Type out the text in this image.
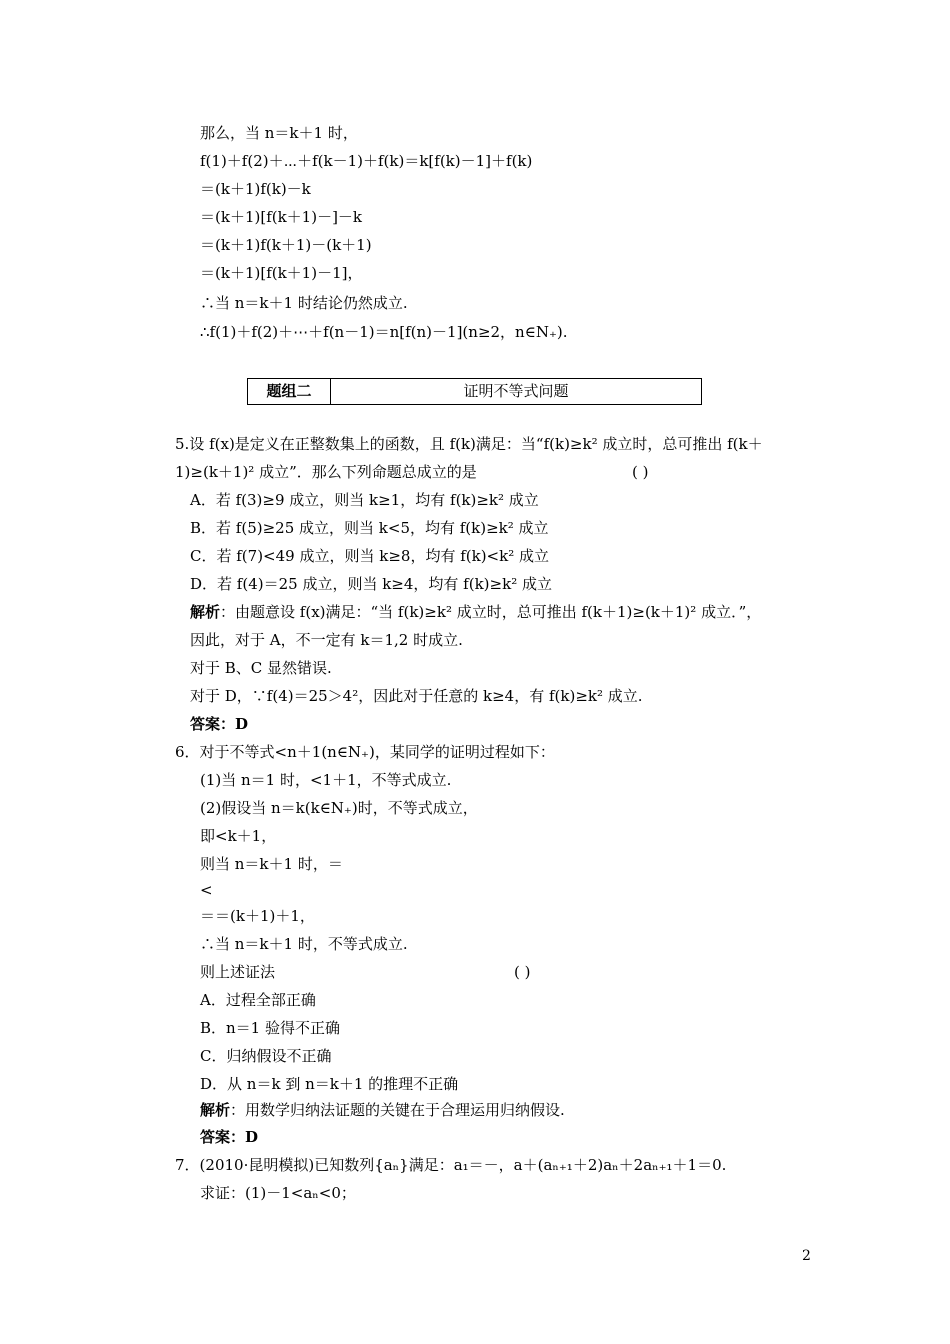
那么，当 n＝k＋1 时，
f(1)＋f(2)＋⋯＋f(k－1)＋f(k)＝k[f(k)－1]＋f(k)
＝(k＋1)f(k)－k
＝(k＋1)[f(k＋1)－]－k
＝(k＋1)f(k＋1)－(k＋1)
＝(k＋1)[f(k＋1)－1]，
∴当 n＝k＋1 时结论仍然成立.
∴f(1)＋f(2)＋⋯＋f(n－1)＝n[f(n)－1](n≥2，n∈N₊).
题组二	证明不等式问题
5.设 f(x)是定义在正整数集上的函数，且 f(k)满足：当“f(k)≥k² 成立时，总可推出 f(k＋
1)≥(k＋1)² 成立”．那么下列命题总成立的是	( )
A．若 f(3)≥9 成立，则当 k≥1，均有 f(k)≥k² 成立
B．若 f(5)≥25 成立，则当 k<5，均有 f(k)≥k² 成立
C．若 f(7)<49 成立，则当 k≥8，均有 f(k)<k² 成立
D．若 f(4)＝25 成立，则当 k≥4，均有 f(k)≥k² 成立
解析：由题意设 f(x)满足：“当 f(k)≥k² 成立时，总可推出 f(k＋1)≥(k＋1)² 成立．”，
因此，对于 A，不一定有 k＝1,2 时成立.
对于 B、C 显然错误.
对于 D，∵f(4)＝25＞4²，因此对于任意的 k≥4，有 f(k)≥k² 成立.
答案：D
6．对于不等式<n＋1(n∈N₊)，某同学的证明过程如下：
(1)当 n＝1 时，<1＋1，不等式成立.
(2)假设当 n＝k(k∈N₊)时，不等式成立，
即<k＋1，
则当 n＝k＋1 时，＝
<
＝＝(k＋1)＋1，
∴当 n＝k＋1 时，不等式成立.
则上述证法	( )
A．过程全部正确
B．n＝1 验得不正确
C．归纳假设不正确
D．从 n＝k 到 n＝k＋1 的推理不正确
解析：用数学归纳法证题的关键在于合理运用归纳假设.
答案：D
7．(2010·昆明模拟)已知数列{aₙ}满足：a₁＝－，a＋(aₙ₊₁＋2)aₙ＋2aₙ₊₁＋1＝0.
求证：(1)－1<aₙ<0；
2
